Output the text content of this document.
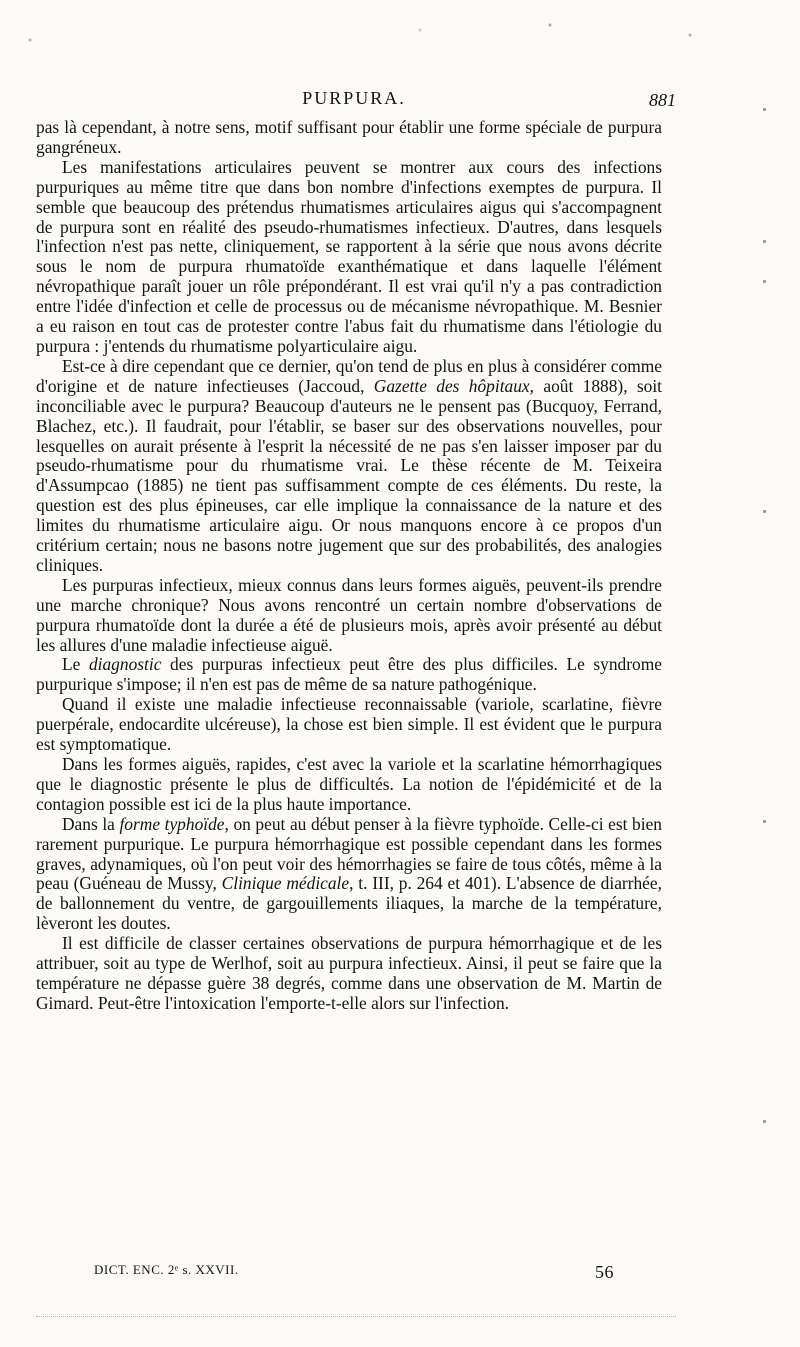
PURPURA.	881

pas là cependant, à notre sens, motif suffisant pour établir une forme spéciale de purpura gangréneux.

Les manifestations articulaires peuvent se montrer aux cours des infections purpuriques au même titre que dans bon nombre d'infections exemptes de purpura. Il semble que beaucoup des prétendus rhumatismes articulaires aigus qui s'accompagnent de purpura sont en réalité des pseudo-rhumatismes infectieux. D'autres, dans lesquels l'infection n'est pas nette, cliniquement, se rapportent à la série que nous avons décrite sous le nom de purpura rhumatoïde exanthématique et dans laquelle l'élément névropathique paraît jouer un rôle prépondérant. Il est vrai qu'il n'y a pas contradiction entre l'idée d'infection et celle de processus ou de mécanisme névropathique. M. Besnier a eu raison en tout cas de protester contre l'abus fait du rhumatisme dans l'étiologie du purpura : j'entends du rhumatisme polyarticulaire aigu.

Est-ce à dire cependant que ce dernier, qu'on tend de plus en plus à considérer comme d'origine et de nature infectieuses (Jaccoud, Gazette des hôpitaux, août 1888), soit inconciliable avec le purpura? Beaucoup d'auteurs ne le pensent pas (Bucquoy, Ferrand, Blachez, etc.). Il faudrait, pour l'établir, se baser sur des observations nouvelles, pour lesquelles on aurait présente à l'esprit la nécessité de ne pas s'en laisser imposer par du pseudo-rhumatisme pour du rhumatisme vrai. Le thèse récente de M. Teixeira d'Assumpcao (1885) ne tient pas suffisamment compte de ces éléments. Du reste, la question est des plus épineuses, car elle implique la connaissance de la nature et des limites du rhumatisme articulaire aigu. Or nous manquons encore à ce propos d'un critérium certain; nous ne basons notre jugement que sur des probabilités, des analogies cliniques.

Les purpuras infectieux, mieux connus dans leurs formes aiguës, peuvent-ils prendre une marche chronique? Nous avons rencontré un certain nombre d'observations de purpura rhumatoïde dont la durée a été de plusieurs mois, après avoir présenté au début les allures d'une maladie infectieuse aiguë.

Le diagnostic des purpuras infectieux peut être des plus difficiles. Le syndrome purpurique s'impose; il n'en est pas de même de sa nature pathogénique.

Quand il existe une maladie infectieuse reconnaissable (variole, scarlatine, fièvre puerpérale, endocardite ulcéreuse), la chose est bien simple. Il est évident que le purpura est symptomatique.

Dans les formes aiguës, rapides, c'est avec la variole et la scarlatine hémorrhagiques que le diagnostic présente le plus de difficultés. La notion de l'épidémicité et de la contagion possible est ici de la plus haute importance.

Dans la forme typhoïde, on peut au début penser à la fièvre typhoïde. Celle-ci est bien rarement purpurique. Le purpura hémorrhagique est possible cependant dans les formes graves, adynamiques, où l'on peut voir des hémorrhagies se faire de tous côtés, même à la peau (Guéneau de Mussy, Clinique médicale, t. III, p. 264 et 401). L'absence de diarrhée, de ballonnement du ventre, de gargouillements iliaques, la marche de la température, lèveront les doutes.

Il est difficile de classer certaines observations de purpura hémorrhagique et de les attribuer, soit au type de Werlhof, soit au purpura infectieux. Ainsi, il peut se faire que la température ne dépasse guère 38 degrés, comme dans une observation de M. Martin de Gimard. Peut-être l'intoxication l'emporte-t-elle alors sur l'infection.

DICT. ENC. 2ᵉ s. XXVII.	56
